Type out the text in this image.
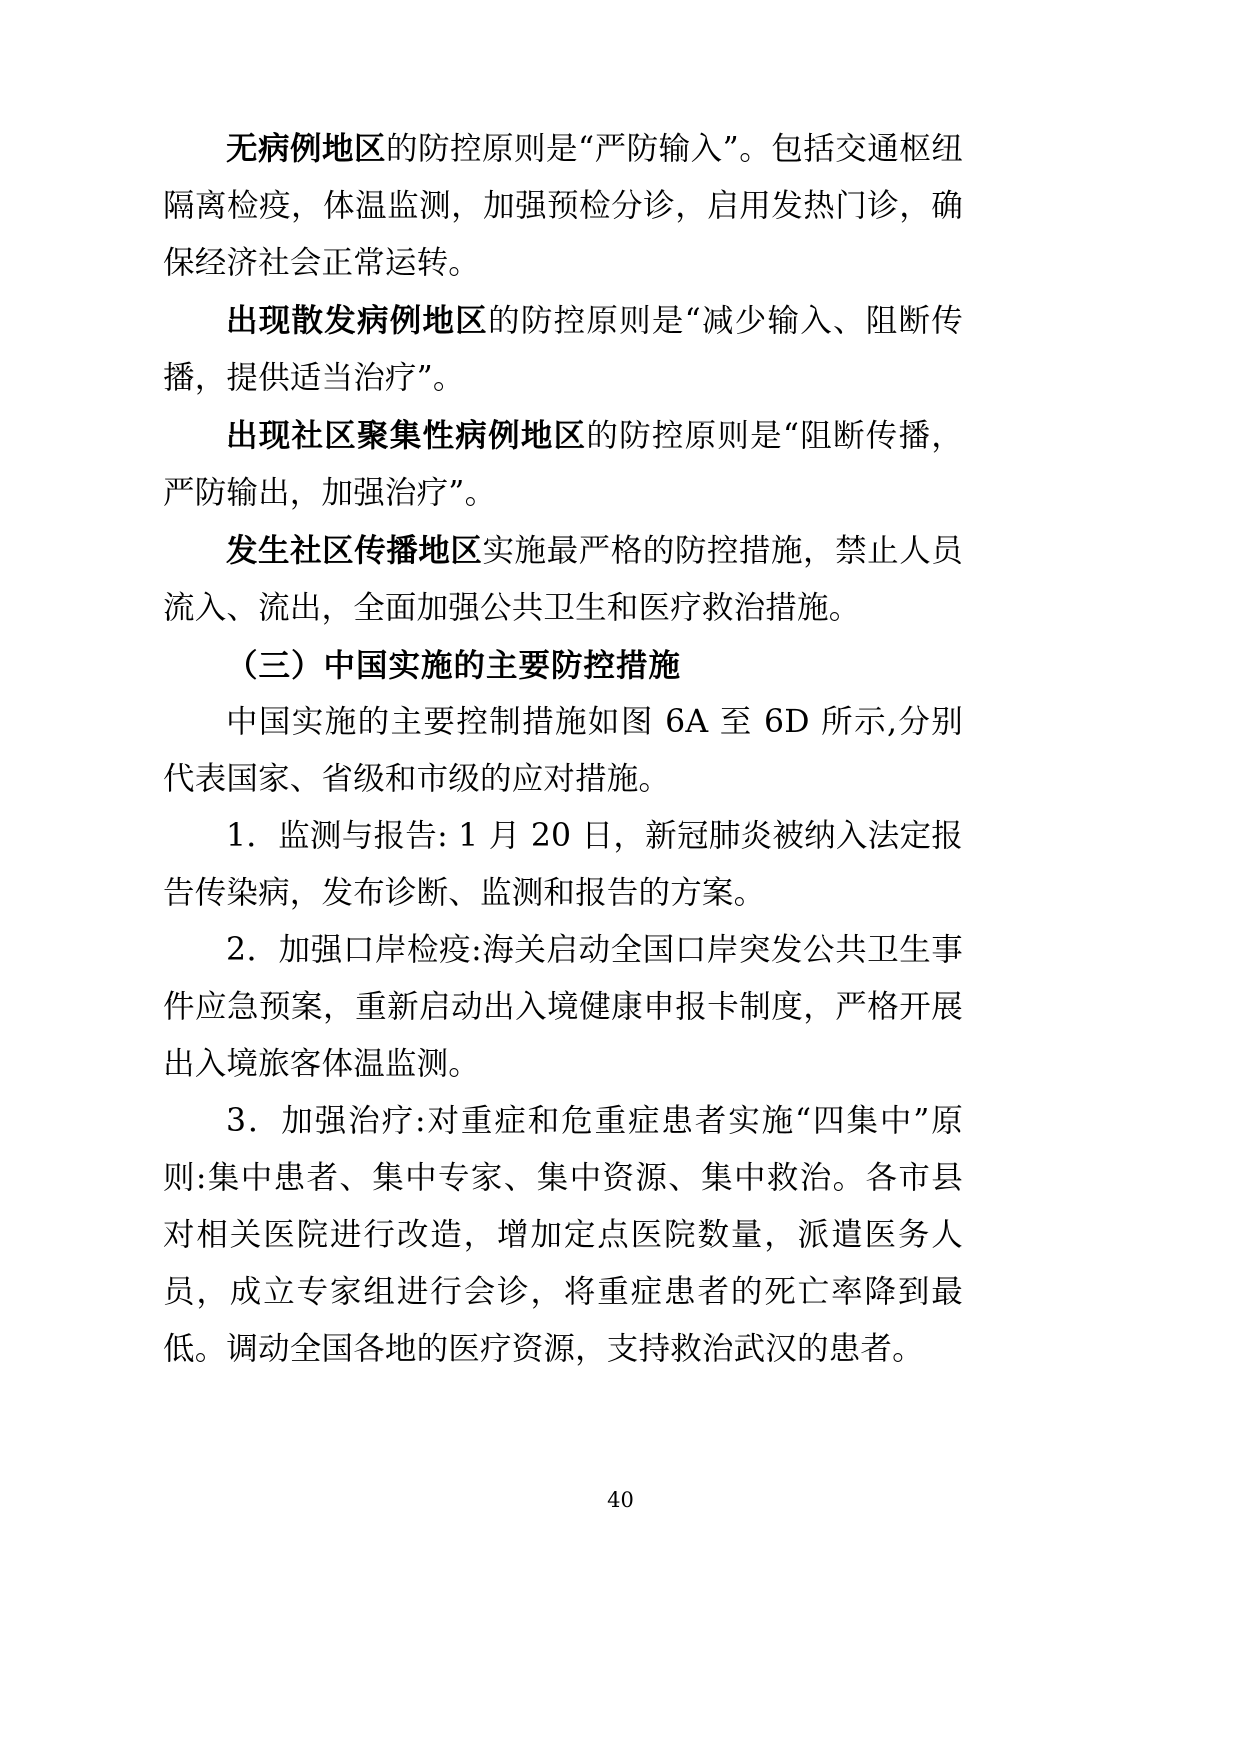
无病例地区的防控原则是“严防输入”。包括交通枢纽隔离检疫，体温监测，加强预检分诊，启用发热门诊，确保经济社会正常运转。

出现散发病例地区的防控原则是“减少输入、阻断传播，提供适当治疗”。

出现社区聚集性病例地区的防控原则是“阻断传播，严防输出，加强治疗”。

发生社区传播地区实施最严格的防控措施，禁止人员流入、流出，全面加强公共卫生和医疗救治措施。

（三）中国实施的主要防控措施

中国实施的主要控制措施如图 6A 至 6D 所示,分别代表国家、省级和市级的应对措施。

1．监测与报告: 1 月 20 日，新冠肺炎被纳入法定报告传染病，发布诊断、监测和报告的方案。

2．加强口岸检疫:海关启动全国口岸突发公共卫生事件应急预案，重新启动出入境健康申报卡制度，严格开展出入境旅客体温监测。

3．加强治疗:对重症和危重症患者实施“四集中”原则:集中患者、集中专家、集中资源、集中救治。各市县对相关医院进行改造，增加定点医院数量，派遣医务人员，成立专家组进行会诊，将重症患者的死亡率降到最低。调动全国各地的医疗资源，支持救治武汉的患者。

40
